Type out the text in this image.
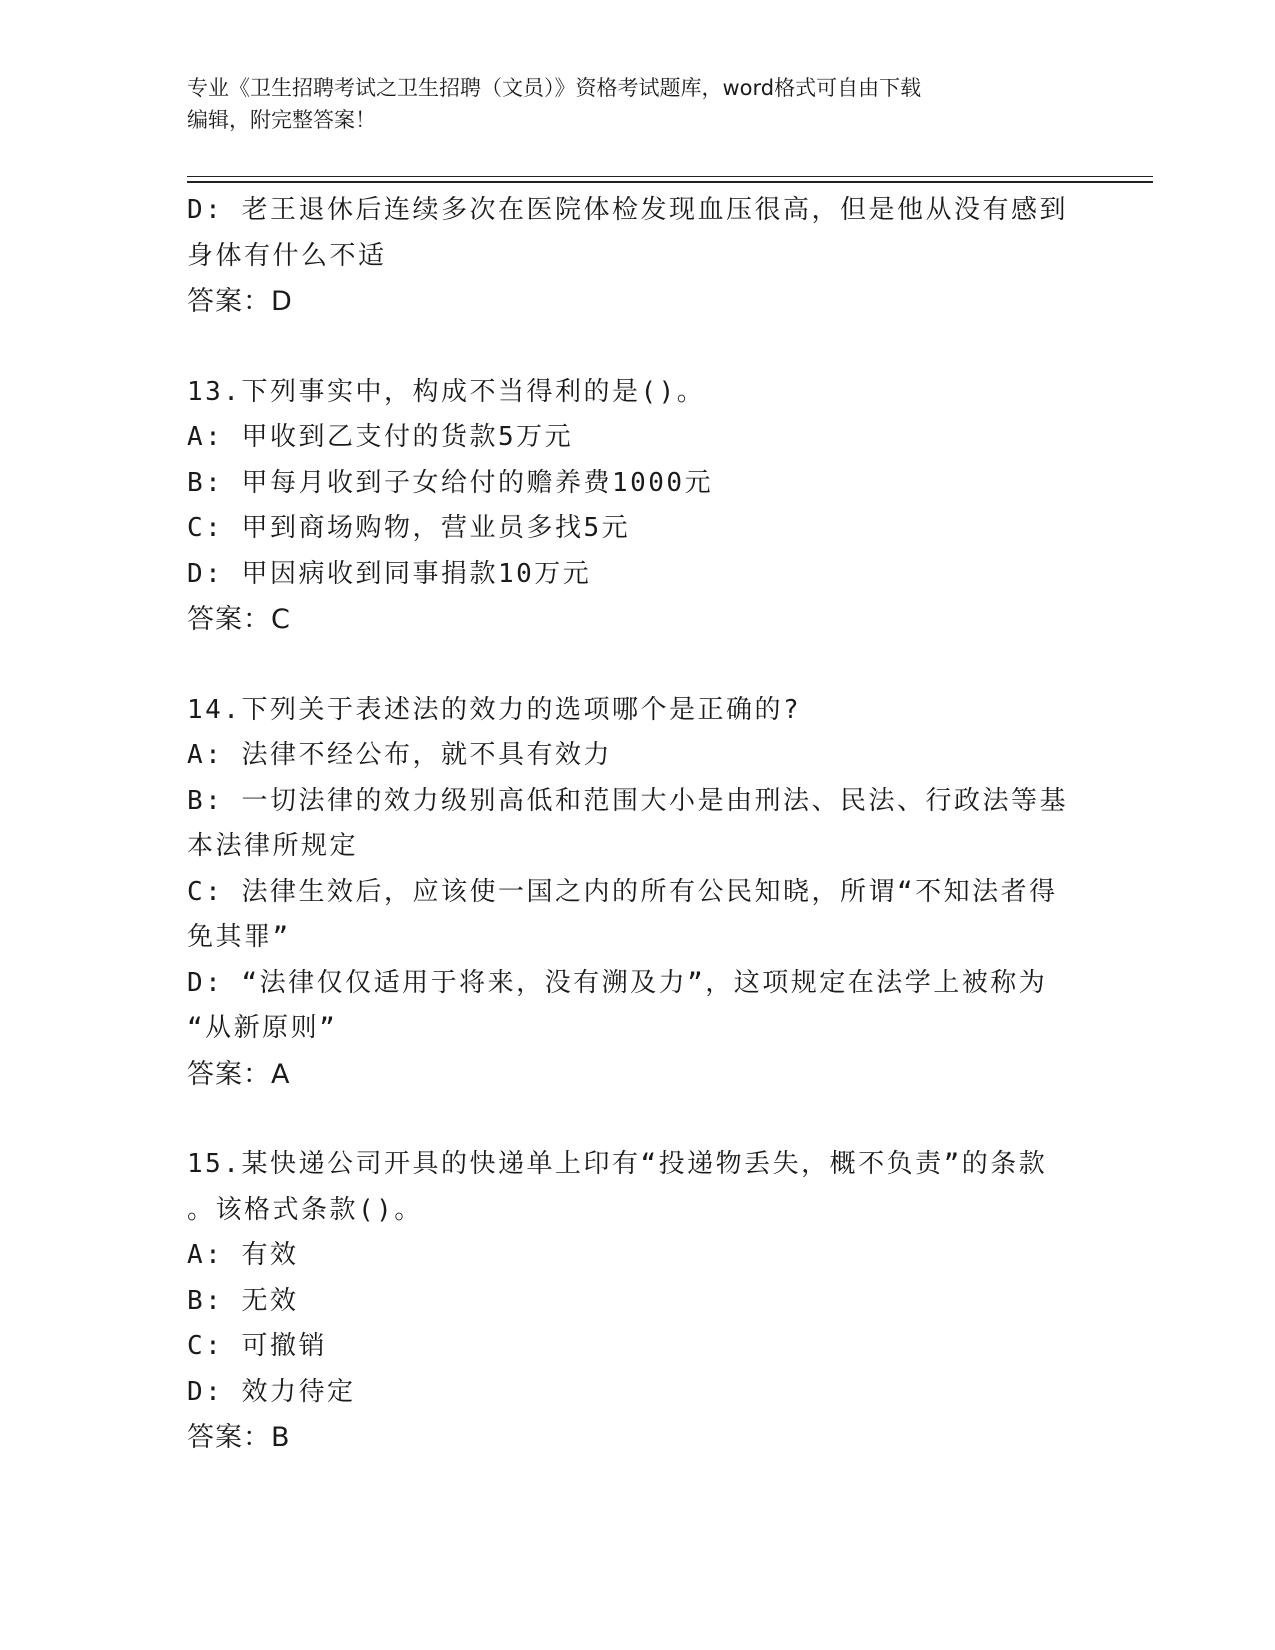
专业《卫生招聘考试之卫生招聘（文员）》资格考试题库，word格式可自由下载
编辑，附完整答案！
D: 老王退休后连续多次在医院体检发现血压很高，但是他从没有感到
身体有什么不适
答案：D
13.下列事实中，构成不当得利的是()。
A: 甲收到乙支付的货款5万元
B: 甲每月收到子女给付的赡养费1000元
C: 甲到商场购物，营业员多找5元
D: 甲因病收到同事捐款10万元
答案：C
14.下列关于表述法的效力的选项哪个是正确的?
A: 法律不经公布，就不具有效力
B: 一切法律的效力级别高低和范围大小是由刑法、民法、行政法等基
本法律所规定
C: 法律生效后，应该使一国之内的所有公民知晓，所谓“不知法者得
免其罪”
D: “法律仅仅适用于将来，没有溯及力”，这项规定在法学上被称为
“从新原则”
答案：A
15.某快递公司开具的快递单上印有“投递物丢失，概不负责”的条款
。该格式条款()。
A: 有效
B: 无效
C: 可撤销
D: 效力待定
答案：B
